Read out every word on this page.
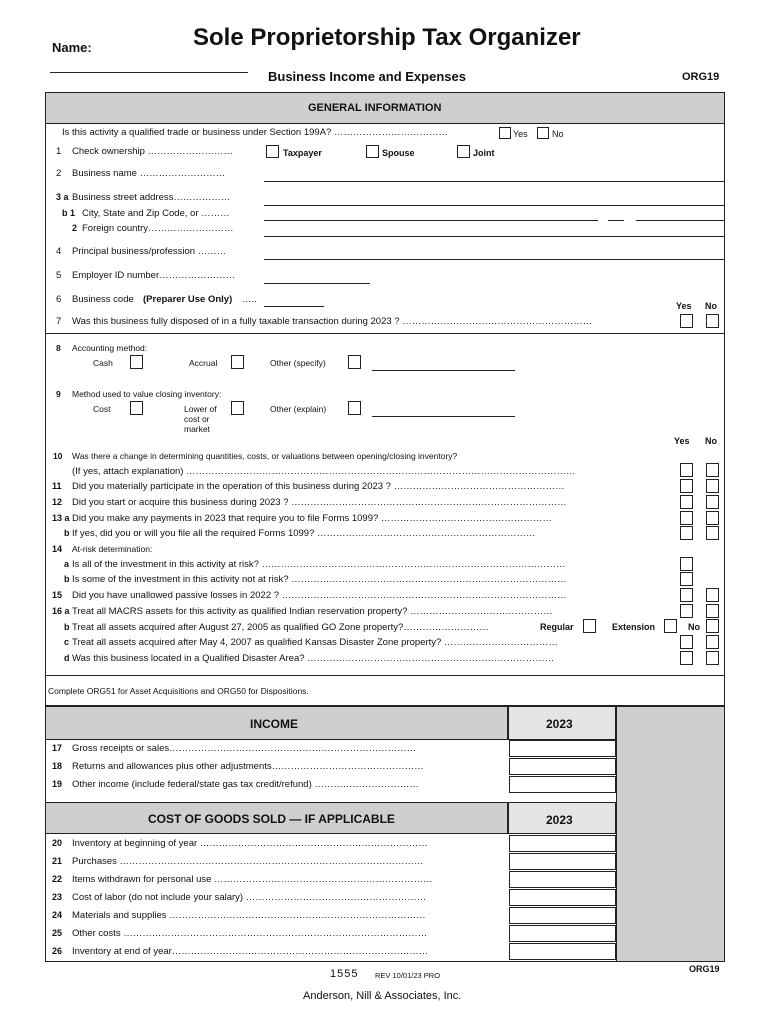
Name:	Sole Proprietorship Tax Organizer
Business Income and Expenses	ORG19
GENERAL INFORMATION
Is this activity a qualified trade or business under Section 199A? ………………………………	Yes	No
1 Check ownership ………………………	Taxpayer	Spouse	Joint
2 Business name ………………………
3 a Business street address………………
b 1 City, State and Zip Code, or ………
2 Foreign country………………………
4 Principal business/profession ………
5 Employer ID number……………………
6 Business code (Preparer Use Only) …..
Yes No
7 Was this business fully disposed of in a fully taxable transaction during 2023 ? ……………………………………………………
8 Accounting method:
Cash	Accrual	Other (specify)
9 Method used to value closing inventory:
Cost	Lower of
cost or
market
Other (explain)
Yes No
10 Was there a change in determining quantities, costs, or valuations between opening/closing inventory?
(If yes, attach explanation) ……………………………………………………………………………………………………………
11 Did you materially participate in the operation of this business during 2023 ? ………………………………………………
12 Did you start or acquire this business during 2023 ? ……………………………………………………………………………
13 a Did you make any payments in 2023 that require you to file Forms 1099? ………………………………………………
b If yes, did you or will you file all the required Forms 1099? ……………………………………………………………
14 At-risk determination:
a Is all of the investment in this activity at risk? ……………………………………………………………………………………
b Is some of the investment in this activity not at risk? ……………………………………………………………………………
15 Did you have unallowed passive losses in 2022 ? ………………………………………………………………………………
16 a Treat all MACRS assets for this activity as qualified Indian reservation property? ………………………………………
b Treat all assets acquired after August 27, 2005 as qualified GO Zone property?………………………	Regular	Extension	No
c Treat all assets acquired after May 4, 2007 as qualified Kansas Disaster Zone property? ………………………………
d Was this business located in a Qualified Disaster Area? ……………………………………………………………………
Complete ORG51 for Asset Acquisitions and ORG50 for Dispositions.
INCOME	2023
17 Gross receipts or sales……………………………………………………………………
18 Returns and allowances plus other adjustments…………………………………………
19 Other income (include federal/state gas tax credit/refund) ……………………………
COST OF GOODS SOLD — IF APPLICABLE	2023
20 Inventory at beginning of year ………………………………………………………………
21 Purchases ……………………………………………………………………………………
22 Items withdrawn for personal use ……………………………………………………………
23 Cost of labor (do not include your salary) …………………………………………………
24 Materials and supplies ………………………………………………………………………
25 Other costs ……………………………………………………………………………………
26 Inventory at end of year………………………………………………………………………
1555 REV 10/01/23 PRO
ORG19
Anderson, Nill & Associates, Inc.
